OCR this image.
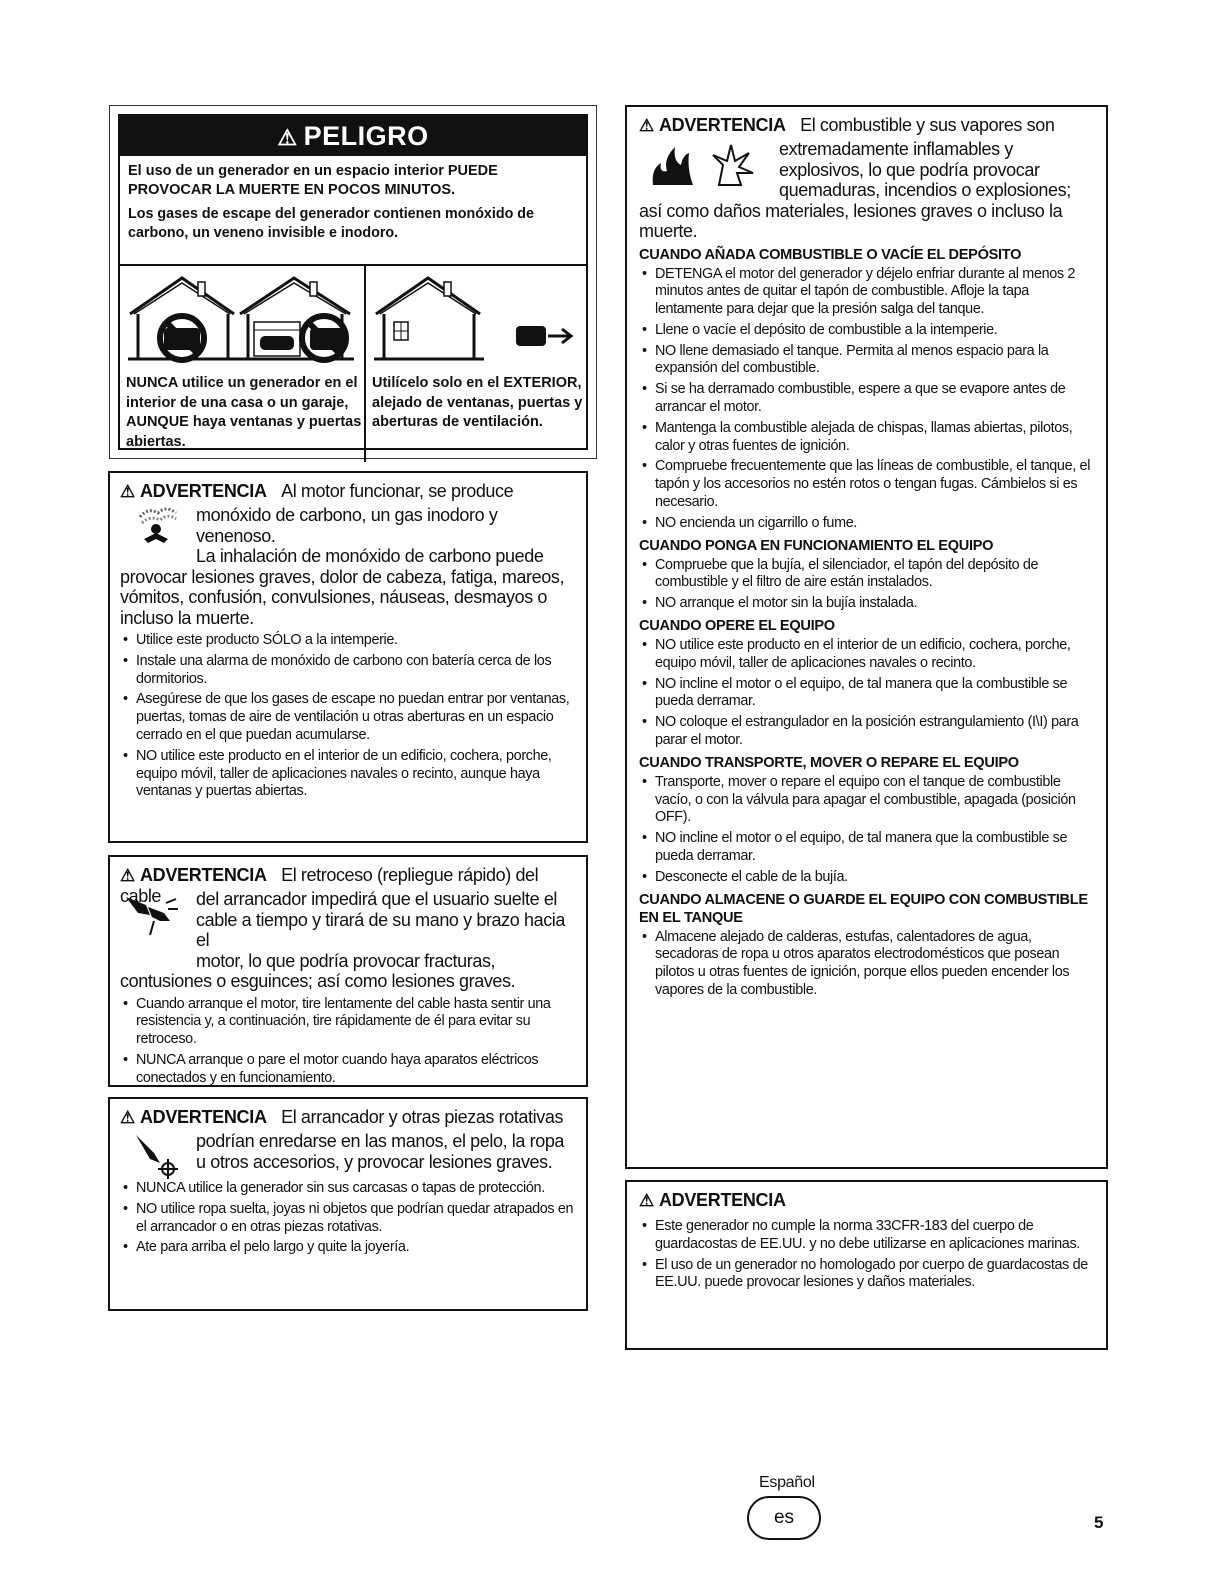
⚠ PELIGRO

El uso de un generador en un espacio interior PUEDE PROVOCAR LA MUERTE EN POCOS MINUTOS.

Los gases de escape del generador contienen monóxido de carbono, un veneno invisible e inodoro.

NUNCA utilice un generador en el interior de una casa o un garaje, AUNQUE haya ventanas y puertas abiertas.
Utilícelo solo en el EXTERIOR, alejado de ventanas, puertas y aberturas de ventilación.
⚠ ADVERTENCIA Al motor funcionar, se produce
monóxido de carbono, un gas inodoro y
venenoso.
La inhalación de monóxido de carbono puede
provocar lesiones graves, dolor de cabeza, fatiga, mareos, vómitos, confusión, convulsiones, náuseas, desmayos o incluso la muerte.
• Utilice este producto SÓLO a la intemperie.
• Instale una alarma de monóxido de carbono con batería cerca de los dormitorios.
• Asegúrese de que los gases de escape no puedan entrar por ventanas, puertas, tomas de aire de ventilación u otras aberturas en un espacio cerrado en el que puedan acumularse.
• NO utilice este producto en el interior de un edificio, cochera, porche, equipo móvil, taller de aplicaciones navales o recinto, aunque haya ventanas y puertas abiertas.
⚠ ADVERTENCIA El retroceso (repliegue rápido) del cable	del arrancador impedirá que el usuario suelte el
cable a tiempo y tirará de su mano y brazo hacia el
motor, lo que podría provocar fracturas,
contusiones o esguinces; así como lesiones graves.
• Cuando arranque el motor, tire lentamente del cable hasta sentir una resistencia y, a continuación, tire rápidamente de él para evitar su retroceso.
• NUNCA arranque o pare el motor cuando haya aparatos eléctricos conectados y en funcionamiento.
⚠ ADVERTENCIA El arrancador y otras piezas rotativas
podrían enredarse en las manos, el pelo, la ropa
u otros accesorios, y provocar lesiones graves.
• NUNCA utilice la generador sin sus carcasas o tapas de protección.
• NO utilice ropa suelta, joyas ni objetos que podrían quedar atrapados en el arrancador o en otras piezas rotativas.
• Ate para arriba el pelo largo y quite la joyería.
⚠ ADVERTENCIA El combustible y sus vapores son
extremadamente inflamables y
explosivos, lo que podría provocar
quemaduras, incendios o explosiones;
así como daños materiales, lesiones graves o incluso la muerte.
CUANDO AÑADA COMBUSTIBLE O VACÍE EL DEPÓSITO
• DETENGA el motor del generador y déjelo enfriar durante al menos 2 minutos antes de quitar el tapón de combustible. Afloje la tapa lentamente para dejar que la presión salga del tanque.
• Llene o vacíe el depósito de combustible a la intemperie.
• NO llene demasiado el tanque. Permita al menos espacio para la expansión del combustible.
• Si se ha derramado combustible, espere a que se evapore antes de arrancar el motor.
• Mantenga la combustible alejada de chispas, llamas abiertas, pilotos, calor y otras fuentes de ignición.
• Compruebe frecuentemente que las líneas de combustible, el tanque, el tapón y los accesorios no estén rotos o tengan fugas. Cámbielos si es necesario.
• NO encienda un cigarrillo o fume.
CUANDO PONGA EN FUNCIONAMIENTO EL EQUIPO
• Compruebe que la bujía, el silenciador, el tapón del depósito de combustible y el filtro de aire están instalados.
• NO arranque el motor sin la bujía instalada.
CUANDO OPERE EL EQUIPO
• NO utilice este producto en el interior de un edificio, cochera, porche, equipo móvil, taller de aplicaciones navales o recinto.
• NO incline el motor o el equipo, de tal manera que la combustible se pueda derramar.
• NO coloque el estrangulador en la posición estrangulamiento (I\I) para parar el motor.
CUANDO TRANSPORTE, MOVER O REPARE EL EQUIPO
• Transporte, mover o repare el equipo con el tanque de combustible vacío, o con la válvula para apagar el combustible, apagada (posición OFF).
• NO incline el motor o el equipo, de tal manera que la combustible se pueda derramar.
• Desconecte el cable de la bujía.
CUANDO ALMACENE O GUARDE EL EQUIPO CON COMBUSTIBLE EN EL TANQUE
• Almacene alejado de calderas, estufas, calentadores de agua, secadoras de ropa u otros aparatos electrodomésticos que posean pilotos u otras fuentes de ignición, porque ellos pueden encender los vapores de la combustible.
⚠ ADVERTENCIA
• Este generador no cumple la norma 33CFR-183 del cuerpo de guardacostas de EE.UU. y no debe utilizarse en aplicaciones marinas.
• El uso de un generador no homologado por cuerpo de guardacostas de EE.UU. puede provocar lesiones y daños materiales.
Español
es	5
